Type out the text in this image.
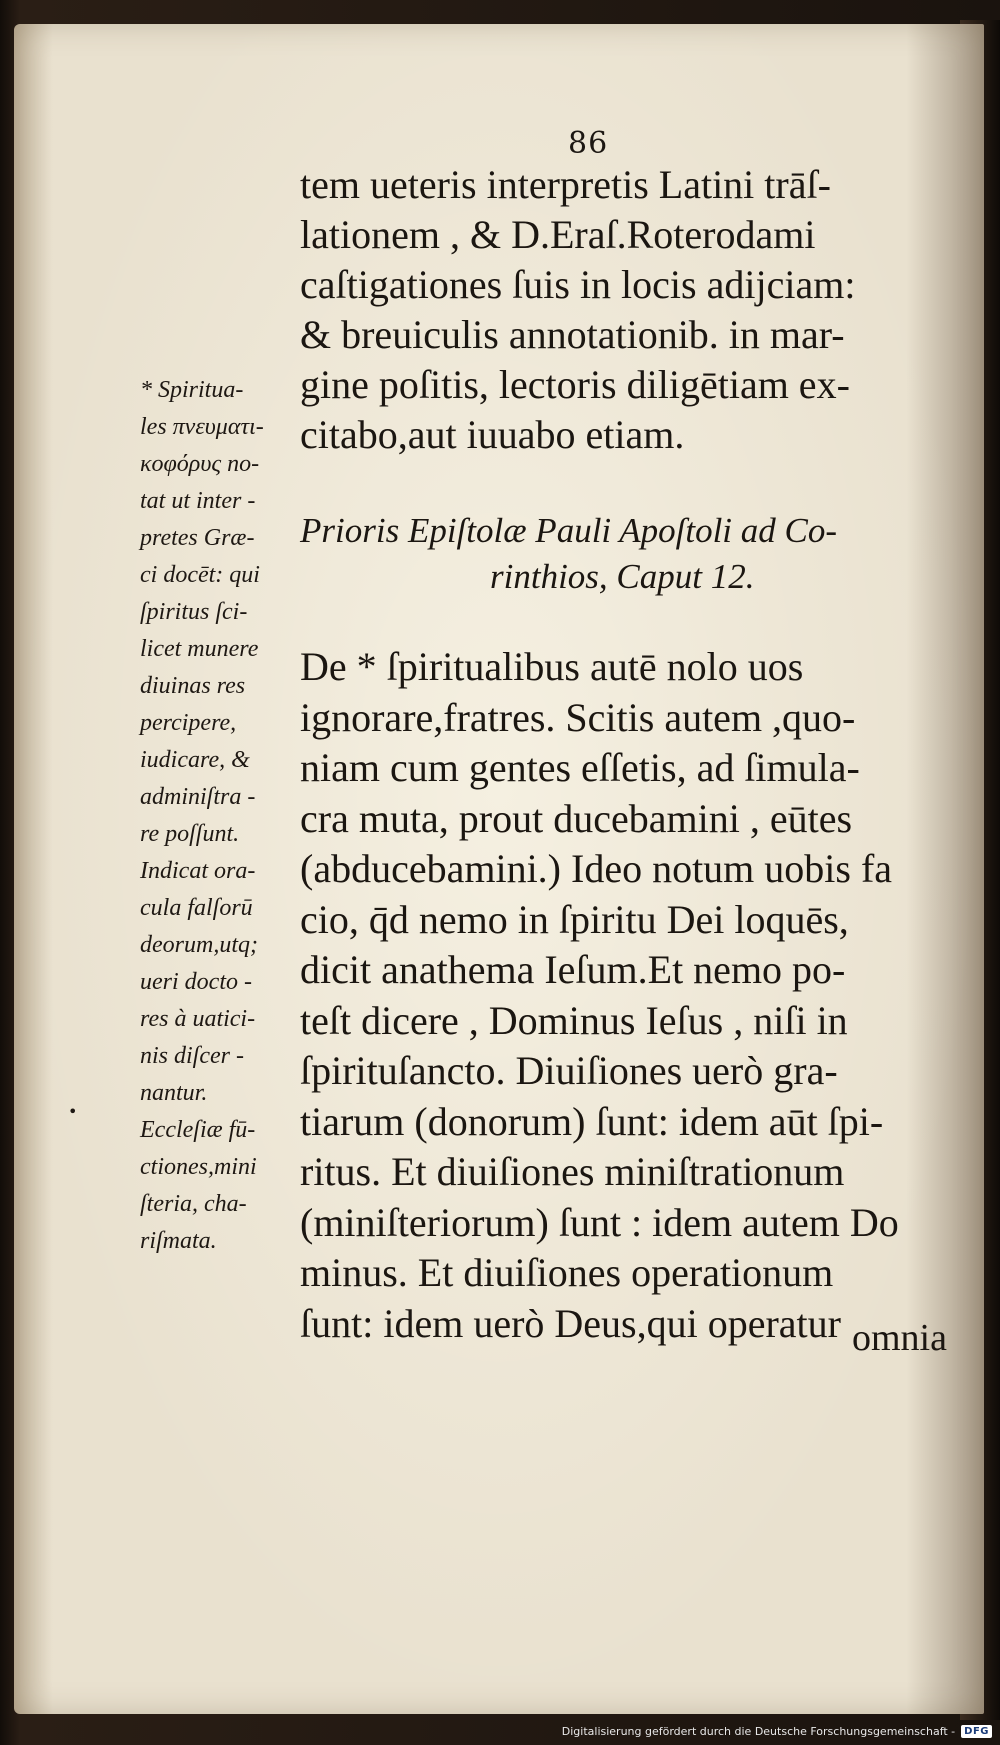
86
tem ueteris interpretis Latini trāſ-
lationem , & D.Eraſ.Roterodami
caſtigationes ſuis in locis adijciam:
& breuiculis annotationib. in mar-
gine poſitis, lectoris diligētiam ex-
citabo,aut iuuabo etiam.
Prioris Epiſtolæ Pauli Apoſtoli ad Co-
rinthios, Caput 12.
De * ſpiritualibus autē nolo uos
ignorare,fratres. Scitis autem ,quo-
niam cum gentes eſſetis, ad ſimula-
cra muta, prout ducebamini , eūtes
(abducebamini.) Ideo notum uobis fa
cio, q̄d nemo in ſpiritu Dei loquēs,
dicit anathema Ieſum.Et nemo po-
teſt dicere , Dominus Ieſus , niſi in
ſpirituſancto. Diuiſiones uerò gra-
tiarum (donorum) ſunt: idem aūt ſpi-
ritus. Et diuiſiones miniſtrationum
(miniſteriorum) ſunt : idem autem Do
minus. Et diuiſiones operationum
ſunt: idem uerò Deus,qui operatur omnia
* Spiritua-
les πνευματι-
κοφόρυς no-
tat ut inter -
pretes Græ-
ci docēt: qui
ſpiritus ſci-
licet munere
diuinas res
percipere,
iudicare, &
adminiſtra -
re poſſunt.
Indicat ora-
cula falſorū
deorum,utq;
ueri docto -
res à uatici-
nis diſcer -
nantur.
Eccleſiæ fū-
ctiones,mini
ſteria, cha-
riſmata.
•
Digitalisierung gefördert durch die Deutsche Forschungsgemeinschaft - DFG
